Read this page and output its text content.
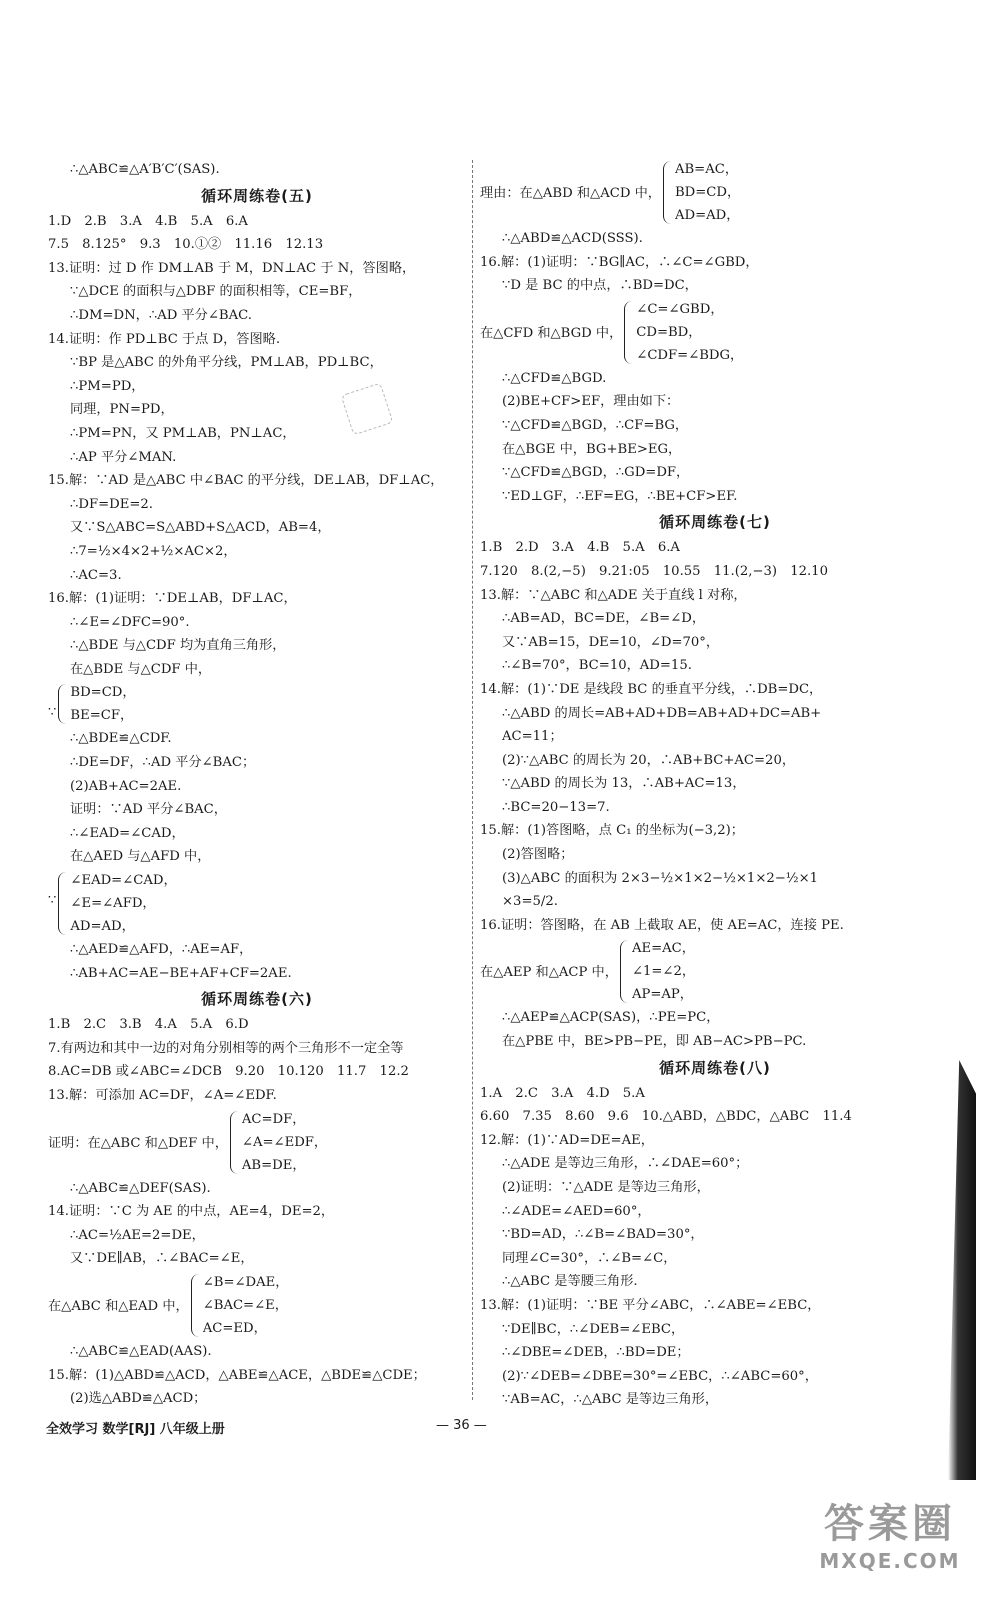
∴△ABC≌△A′B′C′(SAS).
循环周练卷(五)
1.D　2.B　3.A　4.B　5.A　6.A
7.5　8.125°　9.3　10.①②　11.16　12.13
13.证明：过 D 作 DM⊥AB 于 M，DN⊥AC 于 N，答图略，
∵△DCE 的面积与△DBF 的面积相等，CE=BF，
∴DM=DN，∴AD 平分∠BAC.
14.证明：作 PD⊥BC 于点 D，答图略.
∵BP 是△ABC 的外角平分线，PM⊥AB，PD⊥BC，
∴PM=PD，
同理，PN=PD，
∴PM=PN，又 PM⊥AB，PN⊥AC，
∴AP 平分∠MAN.
15.解：∵AD 是△ABC 中∠BAC 的平分线，DE⊥AB，DF⊥AC，
∴DF=DE=2.
又∵S△ABC=S△ABD+S△ACD，AB=4，
∴7=½×4×2+½×AC×2，
∴AC=3.
16.解：(1)证明：∵DE⊥AB，DF⊥AC，
∴∠E=∠DFC=90°.
∴△BDE 与△CDF 均为直角三角形，
在△BDE 与△CDF 中，
∵
BD=CD，
BE=CF，
∴△BDE≌△CDF.
∴DE=DF，∴AD 平分∠BAC；
(2)AB+AC=2AE.
证明：∵AD 平分∠BAC，
∴∠EAD=∠CAD，
在△AED 与△AFD 中，
∵
∠EAD=∠CAD，
∠E=∠AFD，
AD=AD，
∴△AED≌△AFD，∴AE=AF，
∴AB+AC=AE−BE+AF+CF=2AE.
循环周练卷(六)
1.B　2.C　3.B　4.A　5.A　6.D
7.有两边和其中一边的对角分别相等的两个三角形不一定全等
8.AC=DB 或∠ABC=∠DCB　9.20　10.120　11.7　12.2
13.解：可添加 AC=DF，∠A=∠EDF.
证明：在△ABC 和△DEF 中，
AC=DF，
∠A=∠EDF，
AB=DE，
∴△ABC≌△DEF(SAS).
14.证明：∵C 为 AE 的中点，AE=4，DE=2，
∴AC=½AE=2=DE，
又∵DE∥AB，∴∠BAC=∠E，
在△ABC 和△EAD 中，
∠B=∠DAE，
∠BAC=∠E，
AC=ED，
∴△ABC≌△EAD(AAS).
15.解：(1)△ABD≌△ACD，△ABE≌△ACE，△BDE≌△CDE；
(2)选△ABD≌△ACD；
理由：在△ABD 和△ACD 中，
AB=AC，
BD=CD，
AD=AD，
∴△ABD≌△ACD(SSS).
16.解：(1)证明：∵BG∥AC，∴∠C=∠GBD，
∵D 是 BC 的中点，∴BD=DC，
在△CFD 和△BGD 中，
∠C=∠GBD，
CD=BD，
∠CDF=∠BDG，
∴△CFD≌△BGD.
(2)BE+CF>EF，理由如下：
∵△CFD≌△BGD，∴CF=BG，
在△BGE 中，BG+BE>EG，
∵△CFD≌△BGD，∴GD=DF，
∵ED⊥GF，∴EF=EG，∴BE+CF>EF.
循环周练卷(七)
1.B　2.D　3.A　4.B　5.A　6.A
7.120　8.(2,−5)　9.21:05　10.55　11.(2,−3)　12.10
13.解：∵△ABC 和△ADE 关于直线 l 对称，
∴AB=AD，BC=DE，∠B=∠D，
又∵AB=15，DE=10，∠D=70°，
∴∠B=70°，BC=10，AD=15.
14.解：(1)∵DE 是线段 BC 的垂直平分线，∴DB=DC，
∴△ABD 的周长=AB+AD+DB=AB+AD+DC=AB+
AC=11；
(2)∵△ABC 的周长为 20，∴AB+BC+AC=20，
∵△ABD 的周长为 13，∴AB+AC=13，
∴BC=20−13=7.
15.解：(1)答图略，点 C₁ 的坐标为(−3,2)；
(2)答图略；
(3)△ABC 的面积为 2×3−½×1×2−½×1×2−½×1
×3=5/2.
16.证明：答图略，在 AB 上截取 AE，使 AE=AC，连接 PE.
在△AEP 和△ACP 中，
AE=AC，
∠1=∠2，
AP=AP，
∴△AEP≌△ACP(SAS)，∴PE=PC，
在△PBE 中，BE>PB−PE，即 AB−AC>PB−PC.
循环周练卷(八)
1.A　2.C　3.A　4.D　5.A
6.60　7.35　8.60　9.6　10.△ABD，△BDC，△ABC　11.4
12.解：(1)∵AD=DE=AE，
∴△ADE 是等边三角形，∴∠DAE=60°；
(2)证明：∵△ADE 是等边三角形，
∴∠ADE=∠AED=60°，
∵BD=AD，∴∠B=∠BAD=30°，
同理∠C=30°，∴∠B=∠C，
∴△ABC 是等腰三角形.
13.解：(1)证明：∵BE 平分∠ABC，∴∠ABE=∠EBC，
∵DE∥BC，∴∠DEB=∠EBC，
∴∠DBE=∠DEB，∴BD=DE；
(2)∵∠DEB=∠DBE=30°=∠EBC，∴∠ABC=60°，
∵AB=AC，∴△ABC 是等边三角形，
全效学习 数学[RJ] 八年级上册	— 36 —
答案圈
MXQE.COM
